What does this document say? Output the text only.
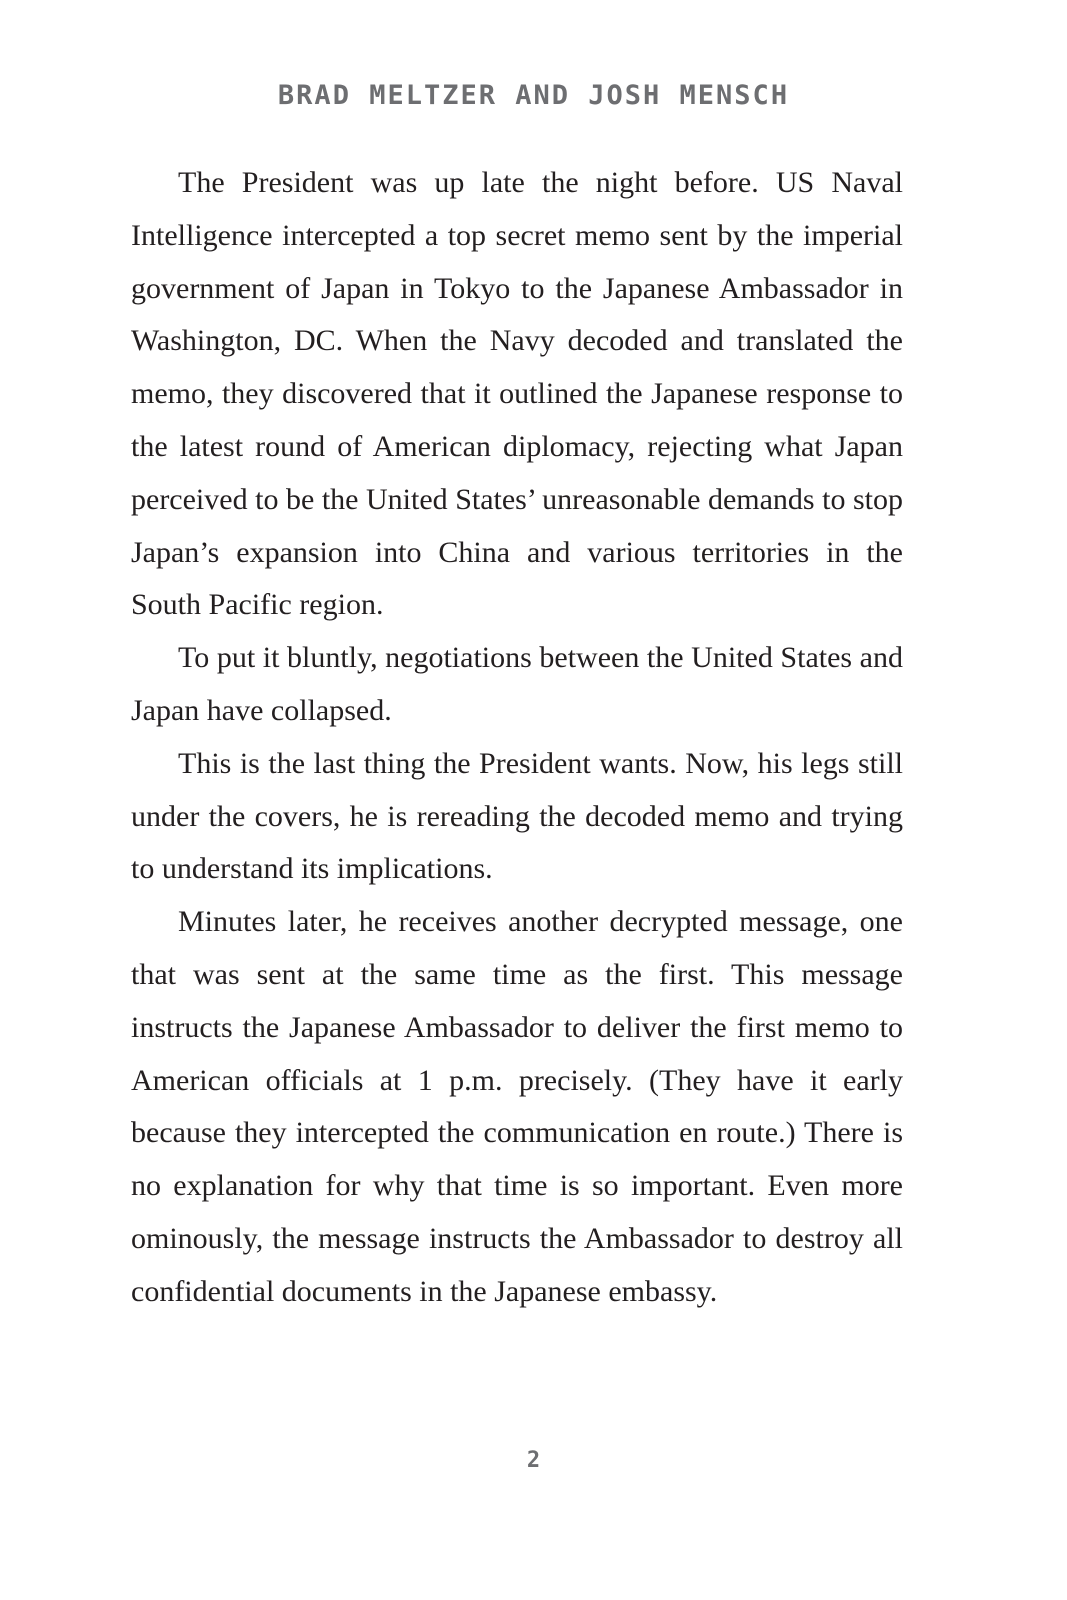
BRAD MELTZER AND JOSH MENSCH

The President was up late the night before. US Naval Intelligence intercepted a top secret memo sent by the imperial government of Japan in Tokyo to the Japanese Ambassador in Washington, DC. When the Navy decoded and translated the memo, they discovered that it outlined the Japanese response to the latest round of American diplomacy, rejecting what Japan perceived to be the United States’ unreasonable demands to stop Japan’s expansion into China and various territories in the South Pacific region.

To put it bluntly, negotiations between the United States and Japan have collapsed.

This is the last thing the President wants. Now, his legs still under the covers, he is rereading the decoded memo and trying to understand its implications.

Minutes later, he receives another decrypted message, one that was sent at the same time as the first. This message instructs the Japanese Ambassador to deliver the first memo to American officials at 1 p.m. precisely. (They have it early because they intercepted the communication en route.) There is no explanation for why that time is so important. Even more ominously, the message instructs the Ambassador to destroy all confidential documents in the Japanese embassy.

2
